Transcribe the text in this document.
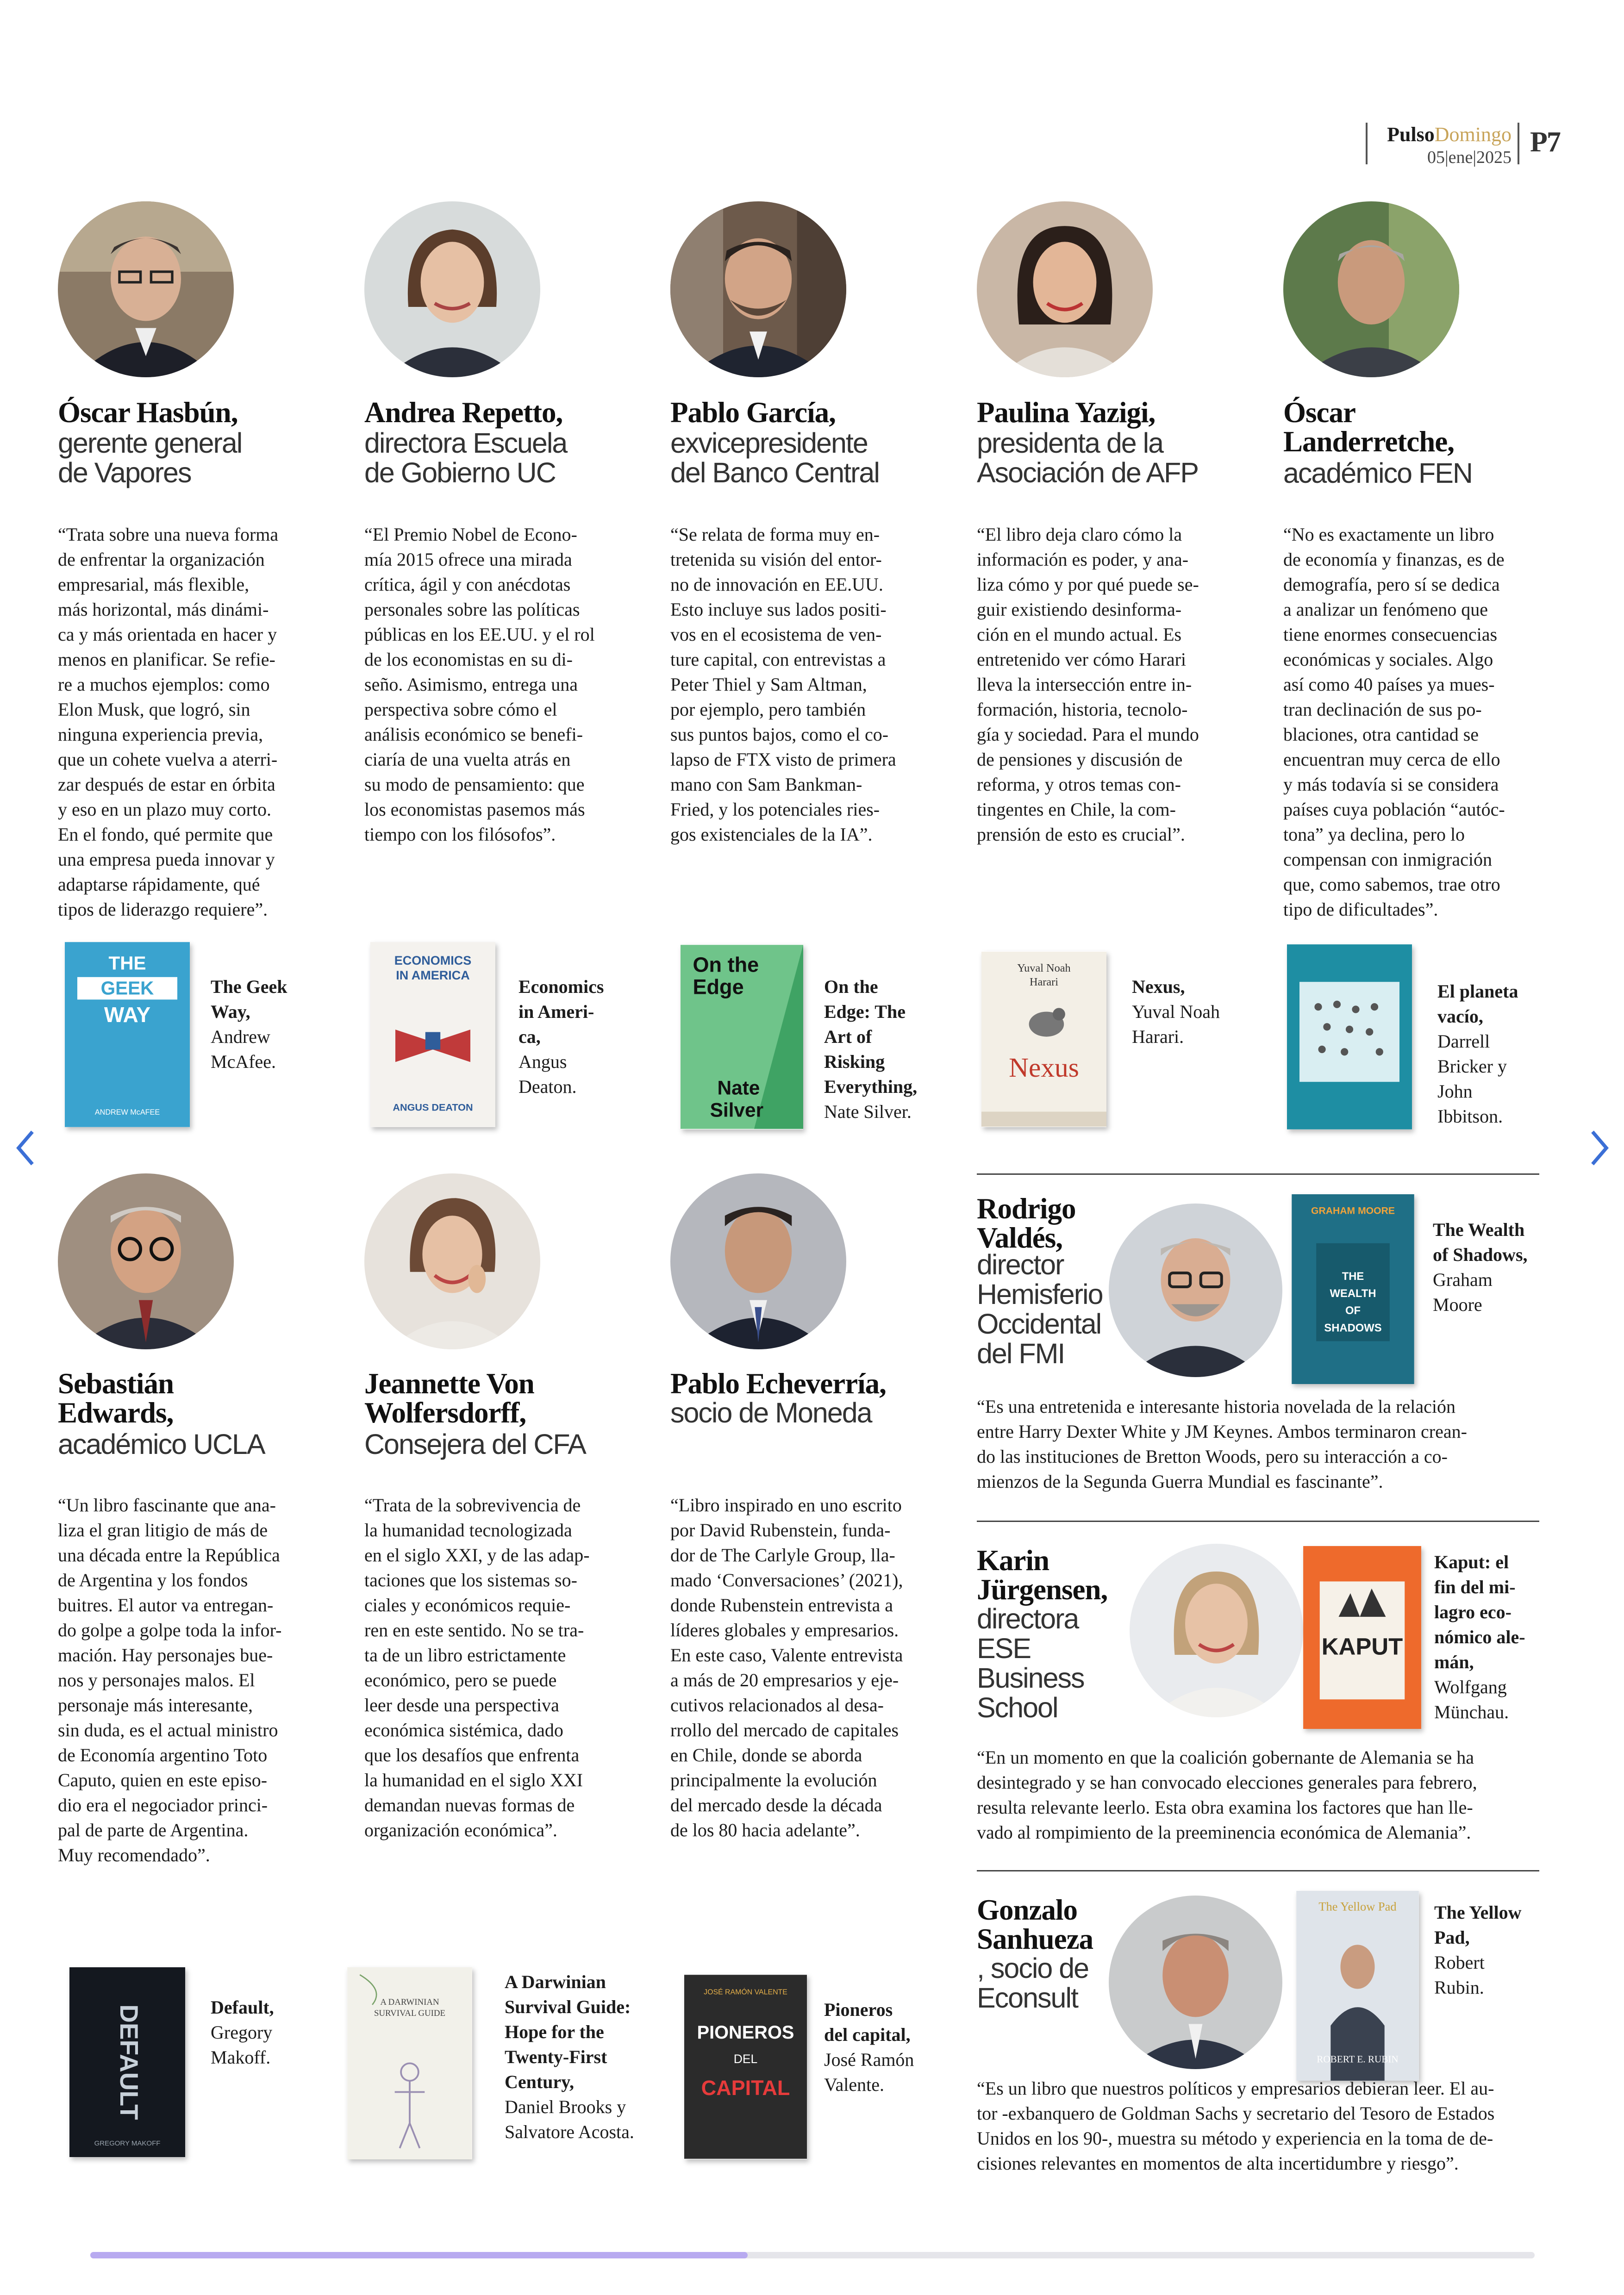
PulsoDomingo
05|ene|2025 P7
Óscar Hasbún,
gerente general
de Vapores
Andrea Repetto,
directora Escuela
de Gobierno UC
Pablo García,
exvicepresidente
del Banco Central
Paulina Yazigi,
presidenta de la
Asociación de AFP
Óscar
Landerretche,
académico FEN
“Trata sobre una nueva forma
de enfrentar la organización
empresarial, más flexible,
más horizontal, más dinámi-
ca y más orientada en hacer y
menos en planificar. Se refie-
re a muchos ejemplos: como
Elon Musk, que logró, sin
ninguna experiencia previa,
que un cohete vuelva a aterri-
zar después de estar en órbita
y eso en un plazo muy corto.
En el fondo, qué permite que
una empresa pueda innovar y
adaptarse rápidamente, qué
tipos de liderazgo requiere”.
“El Premio Nobel de Econo-
mía 2015 ofrece una mirada
crítica, ágil y con anécdotas
personales sobre las políticas
públicas en los EE.UU. y el rol
de los economistas en su di-
seño. Asimismo, entrega una
perspectiva sobre cómo el
análisis económico se benefi-
ciaría de una vuelta atrás en
su modo de pensamiento: que
los economistas pasemos más
tiempo con los filósofos”.
“Se relata de forma muy en-
tretenida su visión del entor-
no de innovación en EE.UU.
Esto incluye sus lados positi-
vos en el ecosistema de ven-
ture capital, con entrevistas a
Peter Thiel y Sam Altman,
por ejemplo, pero también
sus puntos bajos, como el co-
lapso de FTX visto de primera
mano con Sam Bankman-
Fried, y los potenciales ries-
gos existenciales de la IA”.
“El libro deja claro cómo la
información es poder, y ana-
liza cómo y por qué puede se-
guir existiendo desinforma-
ción en el mundo actual. Es
entretenido ver cómo Harari
lleva la intersección entre in-
formación, historia, tecnolo-
gía y sociedad. Para el mundo
de pensiones y discusión de
reforma, y otros temas con-
tingentes en Chile, la com-
prensión de esto es crucial”.
“No es exactamente un libro
de economía y finanzas, es de
demografía, pero sí se dedica
a analizar un fenómeno que
tiene enormes consecuencias
económicas y sociales. Algo
así como 40 países ya mues-
tran declinación de sus po-
blaciones, otra cantidad se
encuentran muy cerca de ello
y más todavía si se considera
países cuya población “autóc-
tona” ya declina, pero lo
compensan con inmigración
que, como sabemos, trae otro
tipo de dificultades”.
THE
GEEK
WAY
ANDREW McAFEE
The Geek
Way,
Andrew
McAfee.
ECONOMICS
IN AMERICA
ANGUS DEATON
Economics
in Ameri-
ca,
Angus
Deaton.
On the
Edge
Nate
Silver
On the
Edge: The
Art of
Risking
Everything,
Nate Silver.
Yuval Noah
Harari
Nexus
Nexus,
Yuval Noah
Harari.
El planeta
vacío,
Darrell
Bricker y
John
Ibbitson.
Sebastián
Edwards,
académico UCLA
Jeannette Von
Wolfersdorff,
Consejera del CFA
Pablo Echeverría,
socio de Moneda
“Un libro fascinante que ana-
liza el gran litigio de más de
una década entre la República
de Argentina y los fondos
buitres. El autor va entregan-
do golpe a golpe toda la infor-
mación. Hay personajes bue-
nos y personajes malos. El
personaje más interesante,
sin duda, es el actual ministro
de Economía argentino Toto
Caputo, quien en este episo-
dio era el negociador princi-
pal de parte de Argentina.
Muy recomendado”.
“Trata de la sobrevivencia de
la humanidad tecnologizada
en el siglo XXI, y de las adap-
taciones que los sistemas so-
ciales y económicos requie-
ren en este sentido. No se tra-
ta de un libro estrictamente
económico, pero se puede
leer desde una perspectiva
económica sistémica, dado
que los desafíos que enfrenta
la humanidad en el siglo XXI
demandan nuevas formas de
organización económica”.
“Libro inspirado en uno escrito
por David Rubenstein, funda-
dor de The Carlyle Group, lla-
mado ‘Conversaciones’ (2021),
donde Rubenstein entrevista a
líderes globales y empresarios.
En este caso, Valente entrevista
a más de 20 empresarios y eje-
cutivos relacionados al desa-
rrollo del mercado de capitales
en Chile, donde se aborda
principalmente la evolución
del mercado desde la década
de los 80 hacia adelante”.
DEFAULT
GREGORY MAKOFF
Default,
Gregory
Makoff.
A DARWINIAN
SURVIVAL GUIDE
A Darwinian
Survival Guide:
Hope for the
Twenty-First
Century,
Daniel Brooks y
Salvatore Acosta.
JOSÉ RAMÓN VALENTE
PIONEROS
DEL
CAPITAL
Pioneros
del capital,
José Ramón
Valente.
Rodrigo
Valdés,
director
Hemisferio
Occidental
del FMI
GRAHAM MOORE
THE
WEALTH
OF
SHADOWS
The Wealth
of Shadows,
Graham
Moore
“Es una entretenida e interesante historia novelada de la relación
entre Harry Dexter White y JM Keynes. Ambos terminaron crean-
do las instituciones de Bretton Woods, pero su interacción a co-
mienzos de la Segunda Guerra Mundial es fascinante”.
Karin
Jürgensen,
directora
ESE
Business
School
KAPUT
Kaput: el
fin del mi-
lagro eco-
nómico ale-
mán,
Wolfgang
Münchau.
“En un momento en que la coalición gobernante de Alemania se ha
desintegrado y se han convocado elecciones generales para febrero,
resulta relevante leerlo. Esta obra examina los factores que han lle-
vado al rompimiento de la preeminencia económica de Alemania”.
Gonzalo
Sanhueza
, socio de
Econsult
The Yellow Pad
ROBERT E. RUBIN
The Yellow
Pad,
Robert
Rubin.
“Es un libro que nuestros políticos y empresarios debieran leer. El au-
tor -exbanquero de Goldman Sachs y secretario del Tesoro de Estados
Unidos en los 90-, muestra su método y experiencia en la toma de de-
cisiones relevantes en momentos de alta incertidumbre y riesgo”.
